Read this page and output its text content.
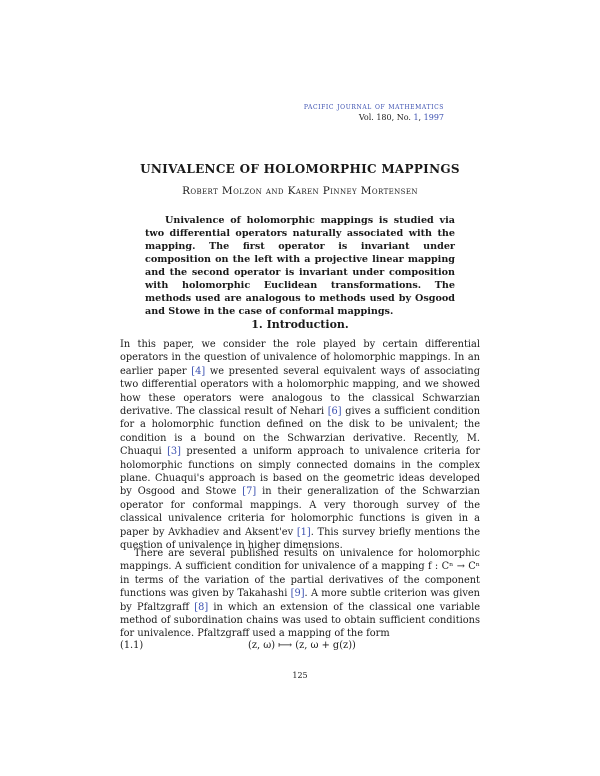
pacific journal of mathematics
Vol. 180, No. 1, 1997
UNIVALENCE OF HOLOMORPHIC MAPPINGS
Robert Molzon and Karen Pinney Mortensen
Univalence of holomorphic mappings is studied via two differential operators naturally associated with the mapping. The first operator is invariant under composition on the left with a projective linear mapping and the second operator is invariant under composition with holomorphic Euclidean transformations. The methods used are analogous to methods used by Osgood and Stowe in the case of conformal mappings.
1. Introduction.
In this paper, we consider the role played by certain differential operators in the question of univalence of holomorphic mappings. In an earlier paper [4] we presented several equivalent ways of associating two differential operators with a holomorphic mapping, and we showed how these operators were analogous to the classical Schwarzian derivative. The classical result of Nehari [6] gives a sufficient condition for a holomorphic function defined on the disk to be univalent; the condition is a bound on the Schwarzian derivative. Recently, M. Chuaqui [3] presented a uniform approach to univalence criteria for holomorphic functions on simply connected domains in the complex plane. Chuaqui's approach is based on the geometric ideas developed by Osgood and Stowe [7] in their generalization of the Schwarzian operator for conformal mappings. A very thorough survey of the classical univalence criteria for holomorphic functions is given in a paper by Avkhadiev and Aksent'ev [1]. This survey briefly mentions the question of univalence in higher dimensions.
There are several published results on univalence for holomorphic mappings. A sufficient condition for univalence of a mapping f : Cⁿ → Cⁿ in terms of the variation of the partial derivatives of the component functions was given by Takahashi [9]. A more subtle criterion was given by Pfaltzgraff [8] in which an extension of the classical one variable method of subordination chains was used to obtain sufficient conditions for univalence. Pfaltzgraff used a mapping of the form
(1.1)	(z, ω) ⟼ (z, ω + g(z))
125
